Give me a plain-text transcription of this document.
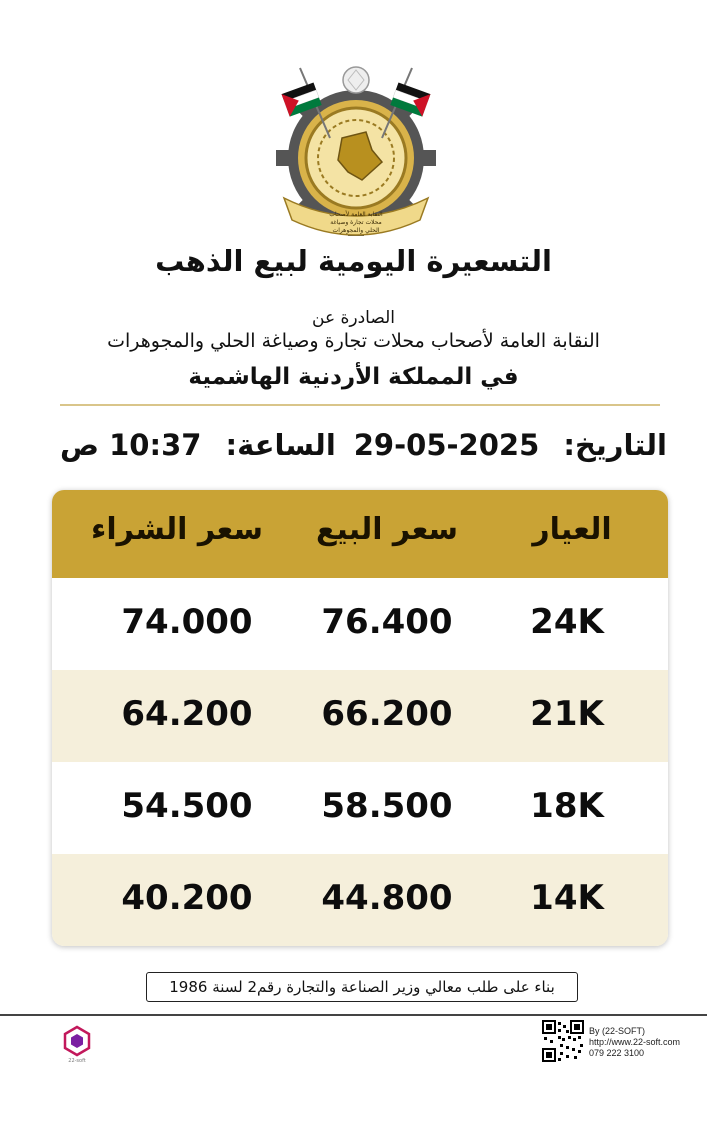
النقابة العامة لأصحاب
محلات تجارة وصياغة
الحلي والمجوهرات
التسعيرة اليومية لبيع الذهب
الصادرة عن
النقابة العامة لأصحاب محلات تجارة وصياغة الحلي والمجوهرات
في المملكة الأردنية الهاشمية
التاريخ: 29-05-2025
الساعة: 10:37 ص
سعر الشراء	سعر البيع	العيار
74.000	76.400	24K
64.200	66.200	21K
54.500	58.500	18K
40.200	44.800	14K
بناء على طلب معالي وزير الصناعة والتجارة رقم2 لسنة 1986
22-soft
By (22-SOFT)
http://www.22-soft.com
079 222 3100
